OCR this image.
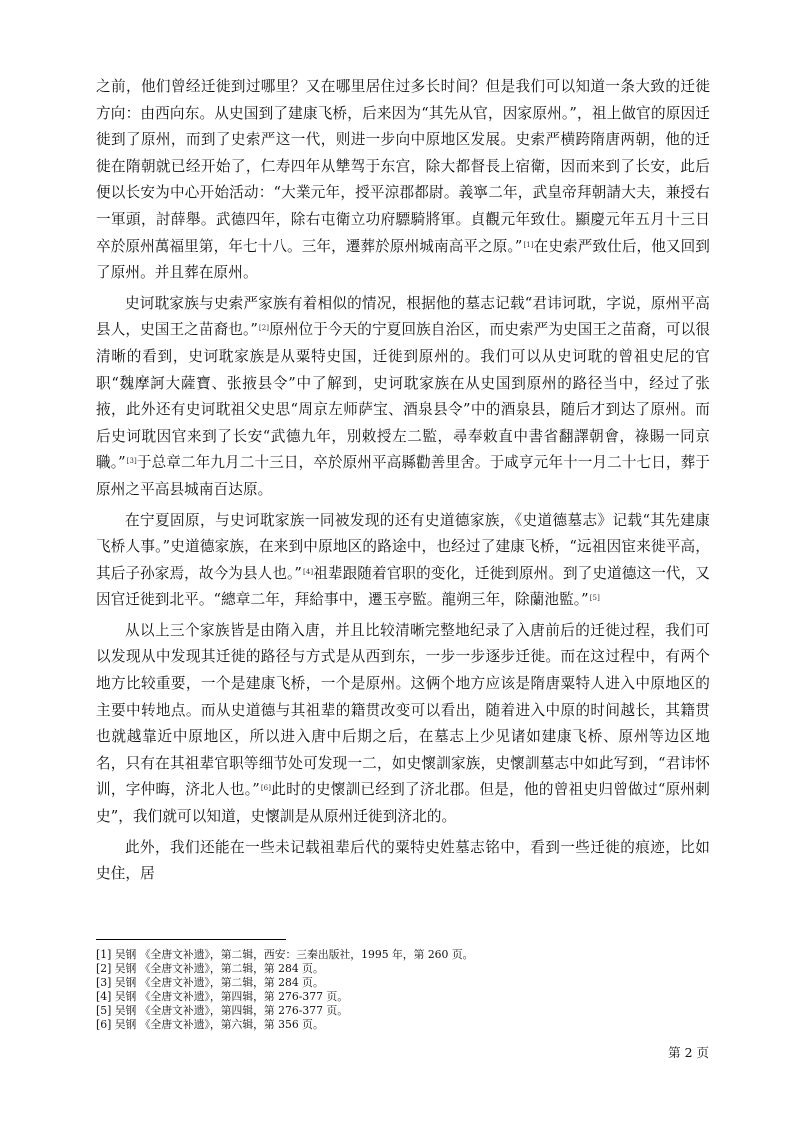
之前，他们曾经迁徙到过哪里？又在哪里居住过多长时间？但是我们可以知道一条大致的迁徙方向：由西向东。从史国到了建康飞桥，后来因为“其先从官，因家原州。”，祖上做官的原因迁徙到了原州，而到了史索严这一代，则进一步向中原地区发展。史索严横跨隋唐两朝，他的迁徙在隋朝就已经开始了，仁寿四年从犨驾于东宫，除大都督長上宿衛，因而来到了长安，此后便以长安为中心开始活动：“大業元年，授平涼郡都尉。義寧二年，武皇帝拜朝請大夫，兼授右一軍頭，討薛舉。武德四年，除右屯衛立功府驃騎將軍。貞觀元年致仕。顯慶元年五月十三日卒於原州萬福里第，年七十八。三年，遷葬於原州城南高平之原。”[1]在史索严致仕后，他又回到了原州。并且葬在原州。

史诃耽家族与史索严家族有着相似的情况，根据他的墓志记载“君讳诃耽，字说，原州平高县人，史国王之苗裔也。”[2]原州位于今天的宁夏回族自治区，而史索严为史国王之苗裔，可以很清晰的看到，史诃耽家族是从粟特史国，迁徙到原州的。我们可以从史诃耽的曾祖史尼的官职“魏摩訶大薩寶、张掖县令”中了解到，史诃耽家族在从史国到原州的路径当中，经过了张掖，此外还有史诃耽祖父史思“周京左师萨宝、酒泉县令”中的酒泉县，随后才到达了原州。而后史诃耽因官来到了长安“武德九年，別敕授左二監，尋奉敕直中書省翻譯朝會，祿賜一同京職。”[3]于总章二年九月二十三日，卒於原州平高縣勸善里舍。于咸亨元年十一月二十七日，葬于原州之平高县城南百达原。

在宁夏固原，与史诃耽家族一同被发现的还有史道德家族，《史道德墓志》记载“其先建康飞桥人事。”史道德家族，在来到中原地区的路途中，也经过了建康飞桥，“远祖因宦来徙平高，其后子孙家焉，故今为县人也。”[4]祖辈跟随着官职的变化，迁徙到原州。到了史道德这一代，又因官迁徙到北平。“總章二年，拜給事中，遷玉亭監。龍朔三年，除蘭池監。”[5]

从以上三个家族皆是由隋入唐，并且比较清晰完整地纪录了入唐前后的迁徙过程，我们可以发现从中发现其迁徙的路径与方式是从西到东，一步一步逐步迁徙。而在这过程中，有两个地方比较重要，一个是建康飞桥，一个是原州。这俩个地方应该是隋唐粟特人进入中原地区的主要中转地点。而从史道德与其祖辈的籍贯改变可以看出，随着进入中原的时间越长，其籍贯也就越靠近中原地区，所以进入唐中后期之后，在墓志上少见诸如建康飞桥、原州等边区地名，只有在其祖辈官职等细节处可发现一二，如史懷訓家族，史懷訓墓志中如此写到，“君讳怀训，字仲晦，济北人也。”[6]此时的史懷訓已经到了济北郡。但是，他的曾祖史归曾做过“原州刺史”，我们就可以知道，史懷訓是从原州迁徙到济北的。

此外，我们还能在一些未记载祖辈后代的粟特史姓墓志铭中，看到一些迁徙的痕迹，比如史住，居

[1] 吴钢 《全唐文补遗》，第二辑，西安：三秦出版社，1995 年，第 260 页。
[2] 吴钢 《全唐文补遗》，第二辑，第 284 页。
[3] 吴钢 《全唐文补遗》，第二辑，第 284 页。
[4] 吴钢 《全唐文补遗》，第四辑，第 276-377 页。
[5] 吴钢 《全唐文补遗》，第四辑，第 276-377 页。
[6] 吴钢 《全唐文补遗》，第六辑，第 356 页。
第 2 页
